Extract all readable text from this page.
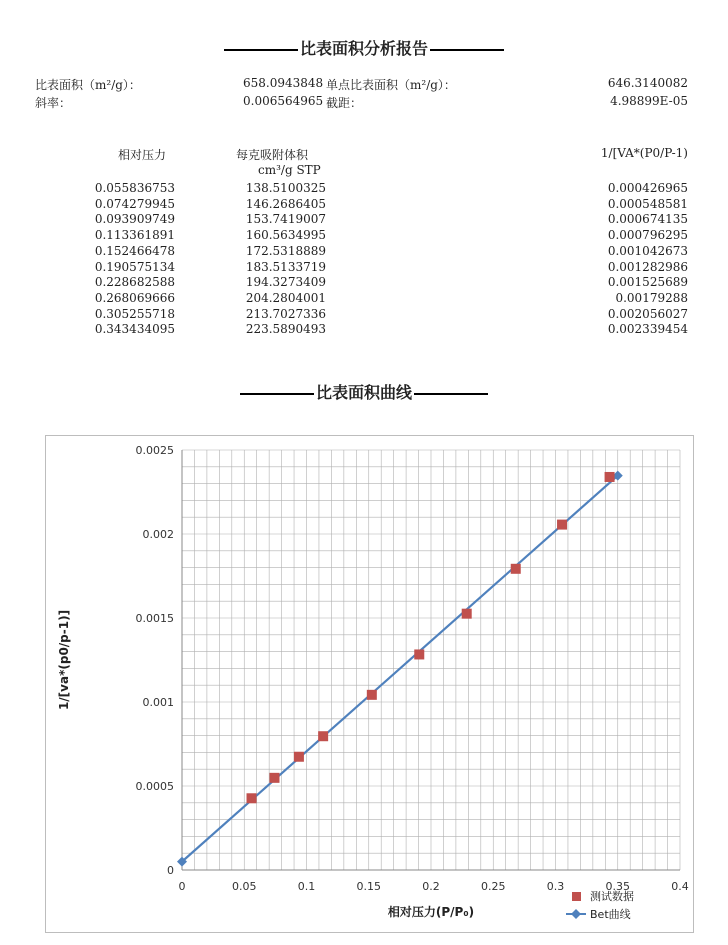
比表面积分析报告
比表面积（m²/g）：	658.0943848 单点比表面积（m²/g）：	646.3140082
斜率：	0.006564965 截距：	4.98899E-05
相对压力	每克吸附体积
cm³/g STP
1/[VA*(P0/P-1)
0.055836753	138.5100325	0.000426965
0.074279945	146.2686405	0.000548581
0.093909749	153.7419007	0.000674135
0.113361891	160.5634995	0.000796295
0.152466478	172.5318889	0.001042673
0.190575134	183.5133719	0.001282986
0.228682588	194.3273409	0.001525689
0.268069666	204.2804001	0.00179288
0.305255718	213.7027336	0.002056027
0.343434095	223.5890493	0.002339454
比表面积曲线
0	0.05	0.1	0.15	0.2	0.25	0.3	0.35	0.4
0
0.0005
0.001
0.0015
0.002
0.0025
相对压力(P/P₀)
1/[va*(p0/p-1)]
测试数据
Bet曲线
